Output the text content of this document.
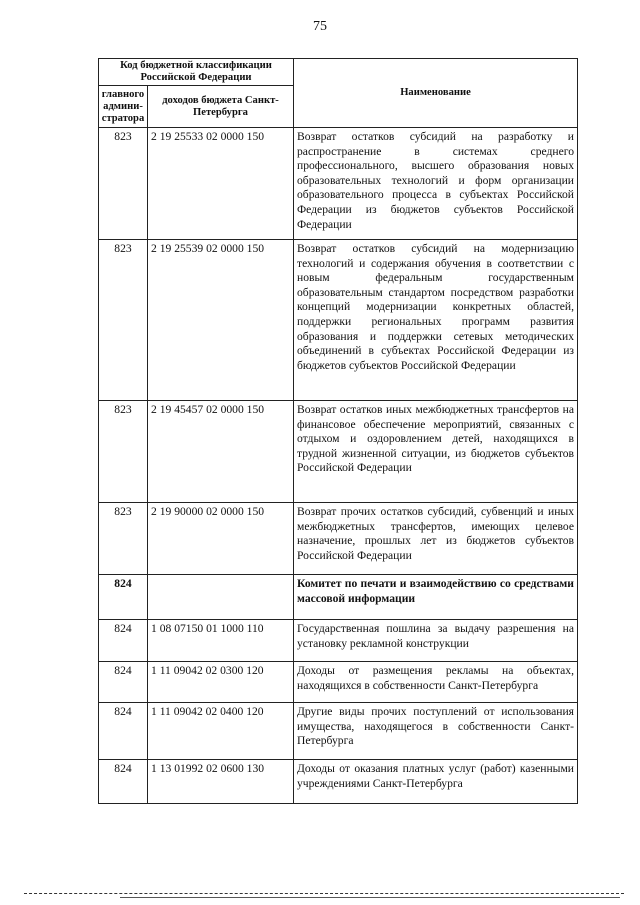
75
Код бюджетной классификации Российской Федерации		Наименование
главного админи-стратора	доходов бюджета Санкт-Петербурга	
823	2 19 25533 02 0000 150	Возврат остатков субсидий на разработку и распространение в системах среднего профессионального, высшего образования новых образовательных технологий и форм организации образовательного процесса в субъектах Российской Федерации из бюджетов субъектов Российской Федерации
823	2 19 25539 02 0000 150	Возврат остатков субсидий на модернизацию технологий и содержания обучения в соответствии с новым федеральным государственным образовательным стандартом посредством разработки концепций модернизации конкретных областей, поддержки региональных программ развития образования и поддержки сетевых методических объединений в субъектах Российской Федерации из бюджетов субъектов Российской Федерации
823	2 19 45457 02 0000 150	Возврат остатков иных межбюджетных трансфертов на финансовое обеспечение мероприятий, связанных с отдыхом и оздоровлением детей, находящихся в трудной жизненной ситуации, из бюджетов субъектов Российской Федерации
823	2 19 90000 02 0000 150	Возврат прочих остатков субсидий, субвенций и иных межбюджетных трансфертов, имеющих целевое назначение, прошлых лет из бюджетов субъектов Российской Федерации
824		Комитет по печати и взаимодействию со средствами массовой информации
824	1 08 07150 01 1000 110	Государственная пошлина за выдачу разрешения на установку рекламной конструкции
824	1 11 09042 02 0300 120	Доходы от размещения рекламы на объектах, находящихся в собственности Санкт-Петербурга
824	1 11 09042 02 0400 120	Другие виды прочих поступлений от использования имущества, находящегося в собственности Санкт-Петербурга
824	1 13 01992 02 0600 130	Доходы от оказания платных услуг (работ) казенными учреждениями Санкт-Петербурга
